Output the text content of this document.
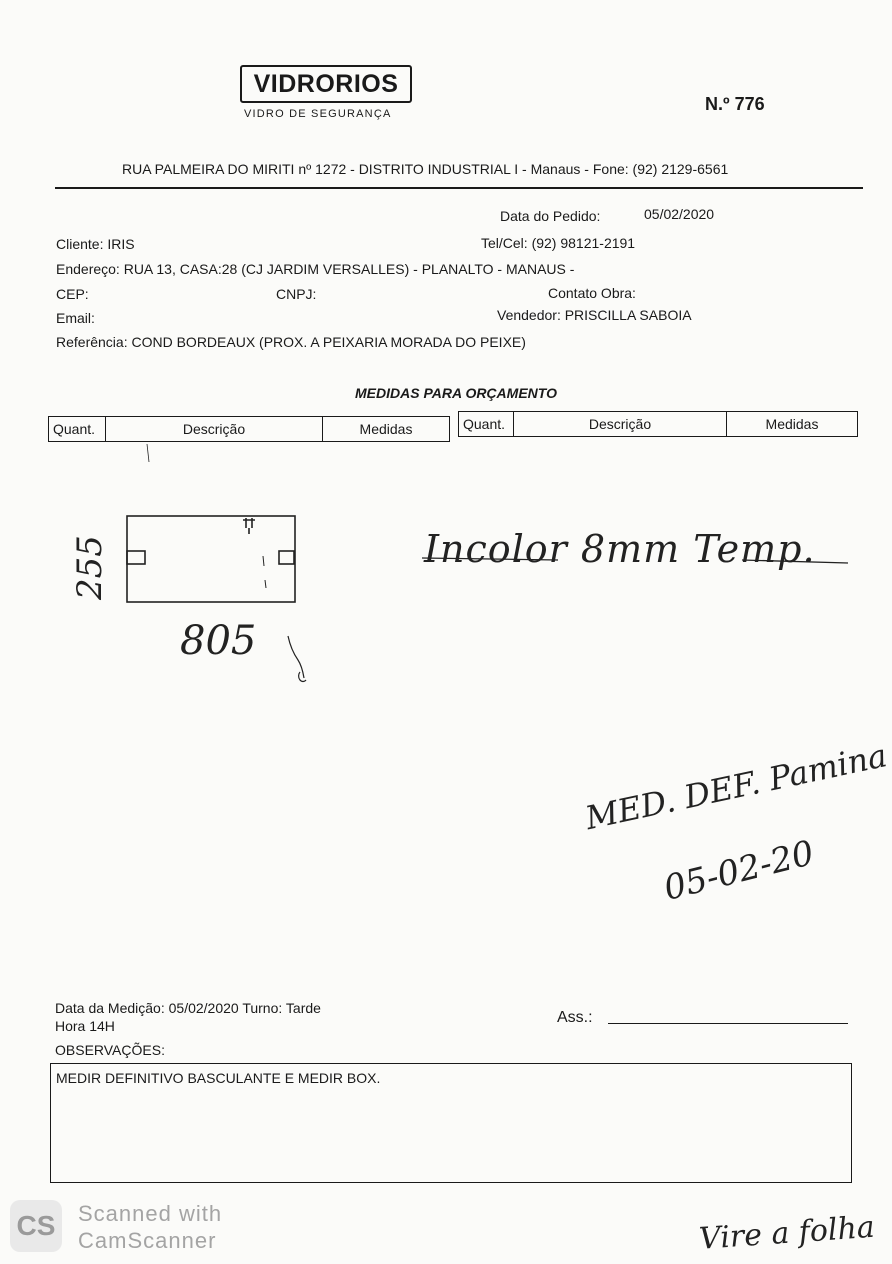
VIDRORIOS
VIDRO DE SEGURANÇA	N.º 776
RUA PALMEIRA DO MIRITI nº 1272 - DISTRITO INDUSTRIAL I - Manaus - Fone: (92) 2129-6561
Data do Pedido:	05/02/2020
Cliente: IRIS	Tel/Cel: (92) 98121-2191
Endereço: RUA 13, CASA:28 (CJ JARDIM VERSALLES) - PLANALTO - MANAUS -
CEP:	CNPJ:	Contato Obra:
Email:	Vendedor: PRISCILLA SABOIA
Referência: COND BORDEAUX (PROX. A PEIXARIA MORADA DO PEIXE)
MEDIDAS PARA ORÇAMENTO
Quant.	Descrição	Medidas	Quant.	Descrição	Medidas
255
805
Incolor 8mm Temp.
MED. DEF. Pamina
05-02-20
Data da Medição: 05/02/2020 Turno: Tarde
Hora 14H	Ass.:
OBSERVAÇÕES:
MEDIR DEFINITIVO BASCULANTE E MEDIR BOX.
CS Scanned with
CamScanner	Vire a folha
